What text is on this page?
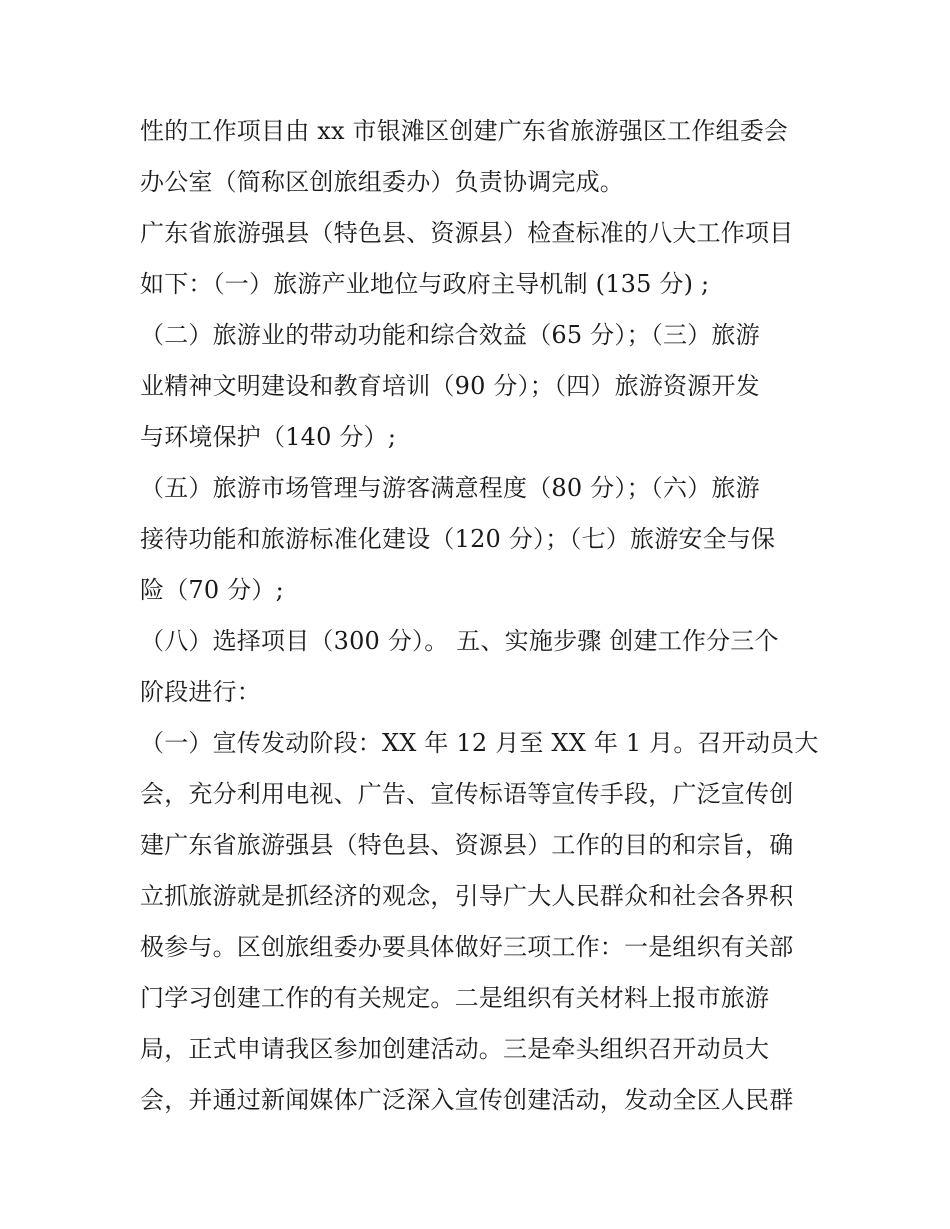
性的工作项目由 xx 市银滩区创建广东省旅游强区工作组委会
办公室（简称区创旅组委办）负责协调完成。
广东省旅游强县（特色县、资源县）检查标准的八大工作项目
如下：（一）旅游产业地位与政府主导机制 (135 分) ;
（二）旅游业的带动功能和综合效益（65 分）；（三）旅游
业精神文明建设和教育培训（90 分）；（四）旅游资源开发
与环境保护（140 分）;
（五）旅游市场管理与游客满意程度（80 分）；（六）旅游
接待功能和旅游标准化建设（120 分）；（七）旅游安全与保
险（70 分）;
（八）选择项目（300 分）。 五、实施步骤 创建工作分三个
阶段进行：
（一）宣传发动阶段：XX 年 12 月至 XX 年 1 月。召开动员大
会，充分利用电视、广告、宣传标语等宣传手段，广泛宣传创
建广东省旅游强县（特色县、资源县）工作的目的和宗旨，确
立抓旅游就是抓经济的观念，引导广大人民群众和社会各界积
极参与。区创旅组委办要具体做好三项工作：一是组织有关部
门学习创建工作的有关规定。二是组织有关材料上报市旅游
局，正式申请我区参加创建活动。三是牵头组织召开动员大
会，并通过新闻媒体广泛深入宣传创建活动，发动全区人民群
